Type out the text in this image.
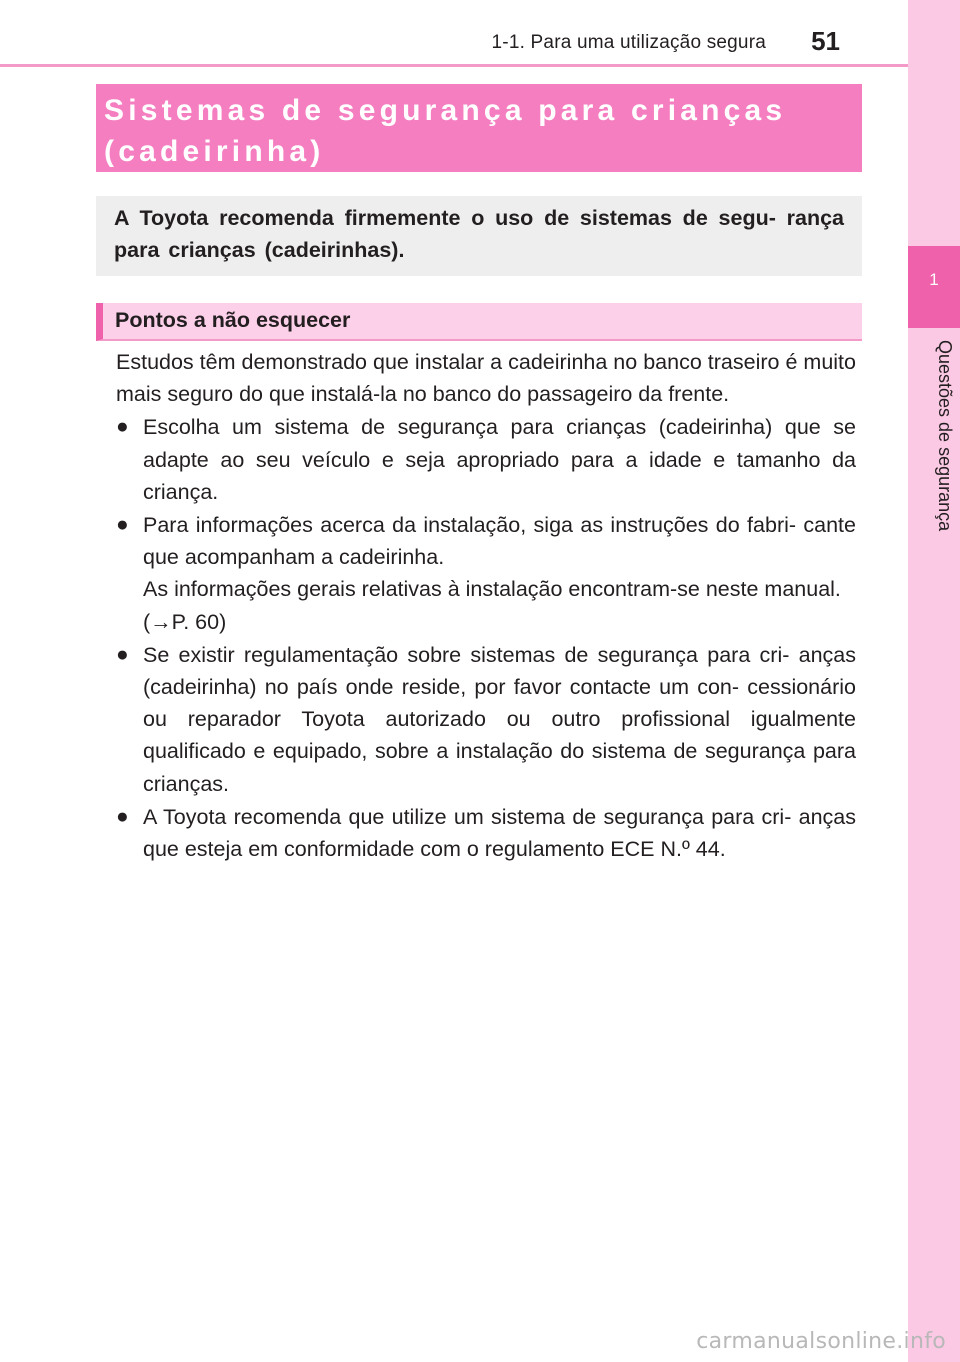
1-1. Para uma utilização segura 51
1
Questões de segurança
Sistemas de segurança para crianças
(cadeirinha)
A Toyota recomenda firmemente o uso de sistemas de segu- rança para crianças (cadeirinhas).
Pontos a não esquecer

Estudos têm demonstrado que instalar a cadeirinha no banco traseiro é muito mais seguro do que instalá-la no banco do passageiro da frente.

● Escolha um sistema de segurança para crianças (cadeirinha) que se adapte ao seu veículo e seja apropriado para a idade e tamanho da criança.
● Para informações acerca da instalação, siga as instruções do fabri- cante que acompanham a cadeirinha.

As informações gerais relativas à instalação encontram-se neste manual.

(→P. 60)

● Se existir regulamentação sobre sistemas de segurança para cri- anças (cadeirinha) no país onde reside, por favor contacte um con- cessionário ou reparador Toyota autorizado ou outro profissional igualmente qualificado e equipado, sobre a instalação do sistema de segurança para crianças.
● A Toyota recomenda que utilize um sistema de segurança para cri- anças que esteja em conformidade com o regulamento ECE N.º 44.
carmanualsonline.info
